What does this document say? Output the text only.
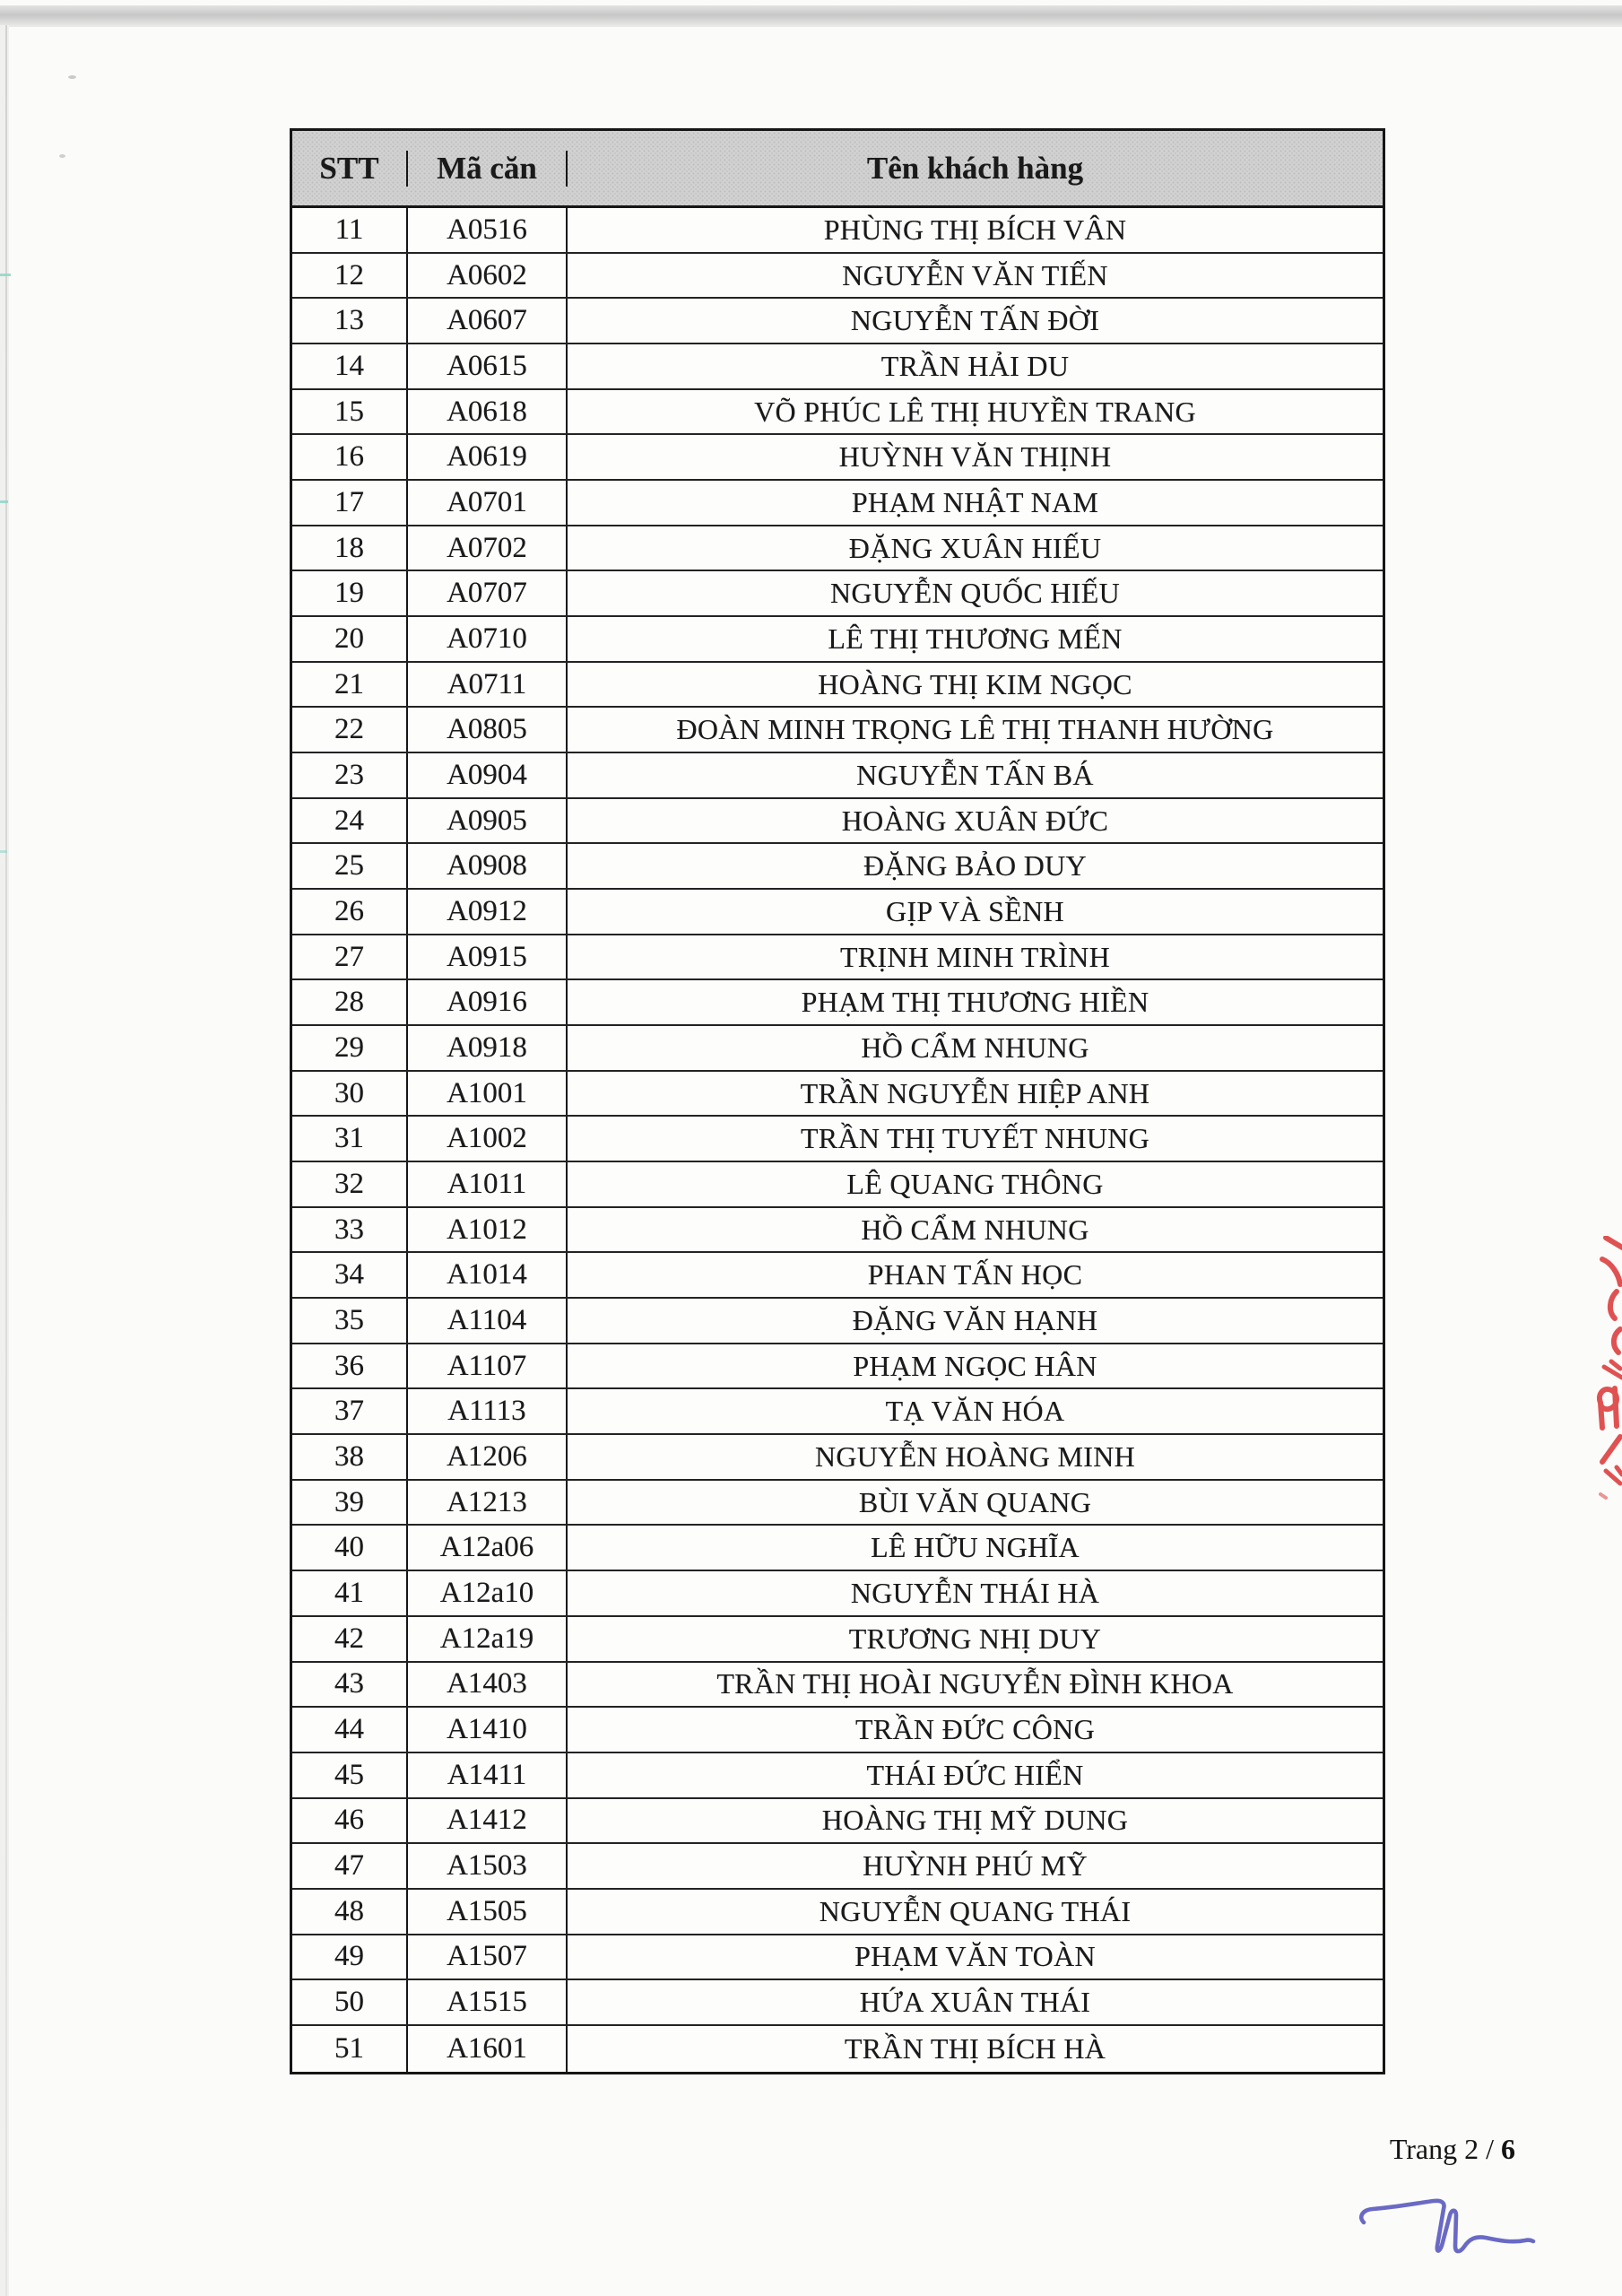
STT	Mã căn	Tên khách hàng
11	A0516	PHÙNG THỊ BÍCH VÂN
12	A0602	NGUYỄN VĂN TIẾN
13	A0607	NGUYỄN TẤN ĐỜI
14	A0615	TRẦN HẢI DU
15	A0618	VÕ PHÚC LÊ THỊ HUYỀN TRANG
16	A0619	HUỲNH VĂN THỊNH
17	A0701	PHẠM NHẬT NAM
18	A0702	ĐẶNG XUÂN HIẾU
19	A0707	NGUYỄN QUỐC HIẾU
20	A0710	LÊ THỊ THƯƠNG MẾN
21	A0711	HOÀNG THỊ KIM NGỌC
22	A0805	ĐOÀN MINH TRỌNG LÊ THỊ THANH HƯỜNG
23	A0904	NGUYỄN TẤN BÁ
24	A0905	HOÀNG XUÂN ĐỨC
25	A0908	ĐẶNG BẢO DUY
26	A0912	GỊP VÀ SỀNH
27	A0915	TRỊNH MINH TRÌNH
28	A0916	PHẠM THỊ THƯƠNG HIỀN
29	A0918	HỒ CẨM NHUNG
30	A1001	TRẦN NGUYỄN HIỆP ANH
31	A1002	TRẦN THỊ TUYẾT NHUNG
32	A1011	LÊ QUANG THÔNG
33	A1012	HỒ CẨM NHUNG
34	A1014	PHAN TẤN HỌC
35	A1104	ĐẶNG VĂN HẠNH
36	A1107	PHẠM NGỌC HÂN
37	A1113	TẠ VĂN HÓA
38	A1206	NGUYỄN HOÀNG MINH
39	A1213	BÙI VĂN QUANG
40	A12a06	LÊ HỮU NGHĨA
41	A12a10	NGUYỄN THÁI HÀ
42	A12a19	TRƯƠNG NHỊ DUY
43	A1403	TRẦN THỊ HOÀI NGUYỄN ĐÌNH KHOA
44	A1410	TRẦN ĐỨC CÔNG
45	A1411	THÁI ĐỨC HIỂN
46	A1412	HOÀNG THỊ MỸ DUNG
47	A1503	HUỲNH PHÚ MỸ
48	A1505	NGUYỄN QUANG THÁI
49	A1507	PHẠM VĂN TOÀN
50	A1515	HỨA XUÂN THÁI
51	A1601	TRẦN THỊ BÍCH HÀ
Trang 2 / 6
